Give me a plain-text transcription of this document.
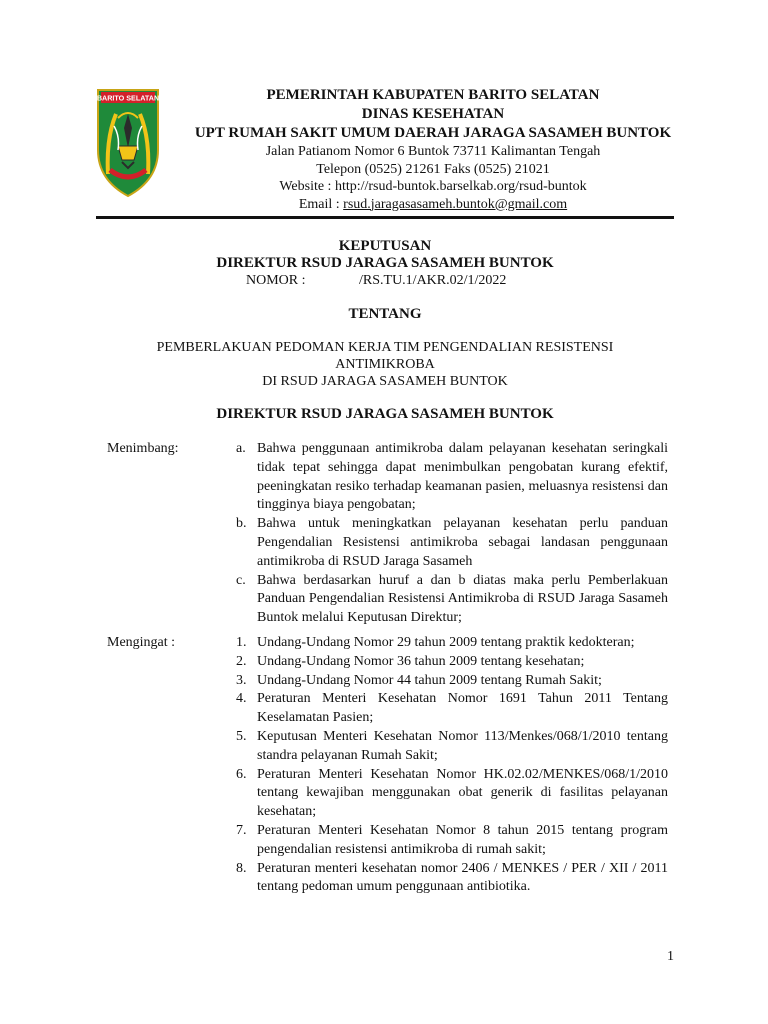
BARITO SELATAN	PEMERINTAH KABUPATEN BARITO SELATAN
DINAS KESEHATAN
UPT RUMAH SAKIT UMUM DAERAH JARAGA SASAMEH BUNTOK
Jalan Patianom Nomor 6 Buntok 73711 Kalimantan Tengah
Telepon (0525) 21261 Faks (0525) 21021
Website : http://rsud-buntok.barselkab.org/rsud-buntok
Email : rsud.jaragasasameh.buntok@gmail.com
KEPUTUSAN
DIREKTUR RSUD JARAGA SASAMEH BUNTOK
NOMOR :	/RS.TU.1/AKR.02/1/2022
TENTANG
PEMBERLAKUAN PEDOMAN KERJA TIM PENGENDALIAN RESISTENSI
ANTIMIKROBA
DI RSUD JARAGA SASAMEH BUNTOK
DIREKTUR RSUD JARAGA SASAMEH BUNTOK
Menimbang:	a. Bahwa penggunaan antimikroba dalam pelayanan kesehatan seringkali tidak tepat sehingga dapat menimbulkan pengobatan kurang efektif, peeningkatan resiko terhadap keamanan pasien, meluasnya resistensi dan tingginya biaya pengobatan;
b. Bahwa untuk meningkatkan pelayanan kesehatan perlu panduan Pengendalian Resistensi antimikroba sebagai landasan penggunaan antimikroba di RSUD Jaraga Sasameh
c. Bahwa berdasarkan huruf a dan b diatas maka perlu Pemberlakuan Panduan Pengendalian Resistensi Antimikroba di RSUD Jaraga Sasameh Buntok melalui Keputusan Direktur;
Mengingat :	1. Undang-Undang Nomor 29 tahun 2009 tentang praktik kedokteran;
2. Undang-Undang Nomor 36 tahun 2009 tentang kesehatan;
3. Undang-Undang Nomor 44 tahun 2009 tentang Rumah Sakit;
4. Peraturan Menteri Kesehatan Nomor 1691 Tahun 2011 Tentang Keselamatan Pasien;
5. Keputusan Menteri Kesehatan Nomor 113/Menkes/068/1/2010 tentang standra pelayanan Rumah Sakit;
6. Peraturan Menteri Kesehatan Nomor HK.02.02/MENKES/068/1/2010 tentang kewajiban menggunakan obat generik di fasilitas pelayanan kesehatan;
7. Peraturan Menteri Kesehatan Nomor 8 tahun 2015 tentang program pengendalian resistensi antimikroba di rumah sakit;
8. Peraturan menteri kesehatan nomor 2406 / MENKES / PER / XII / 2011 tentang pedoman umum penggunaan antibiotika.
1
